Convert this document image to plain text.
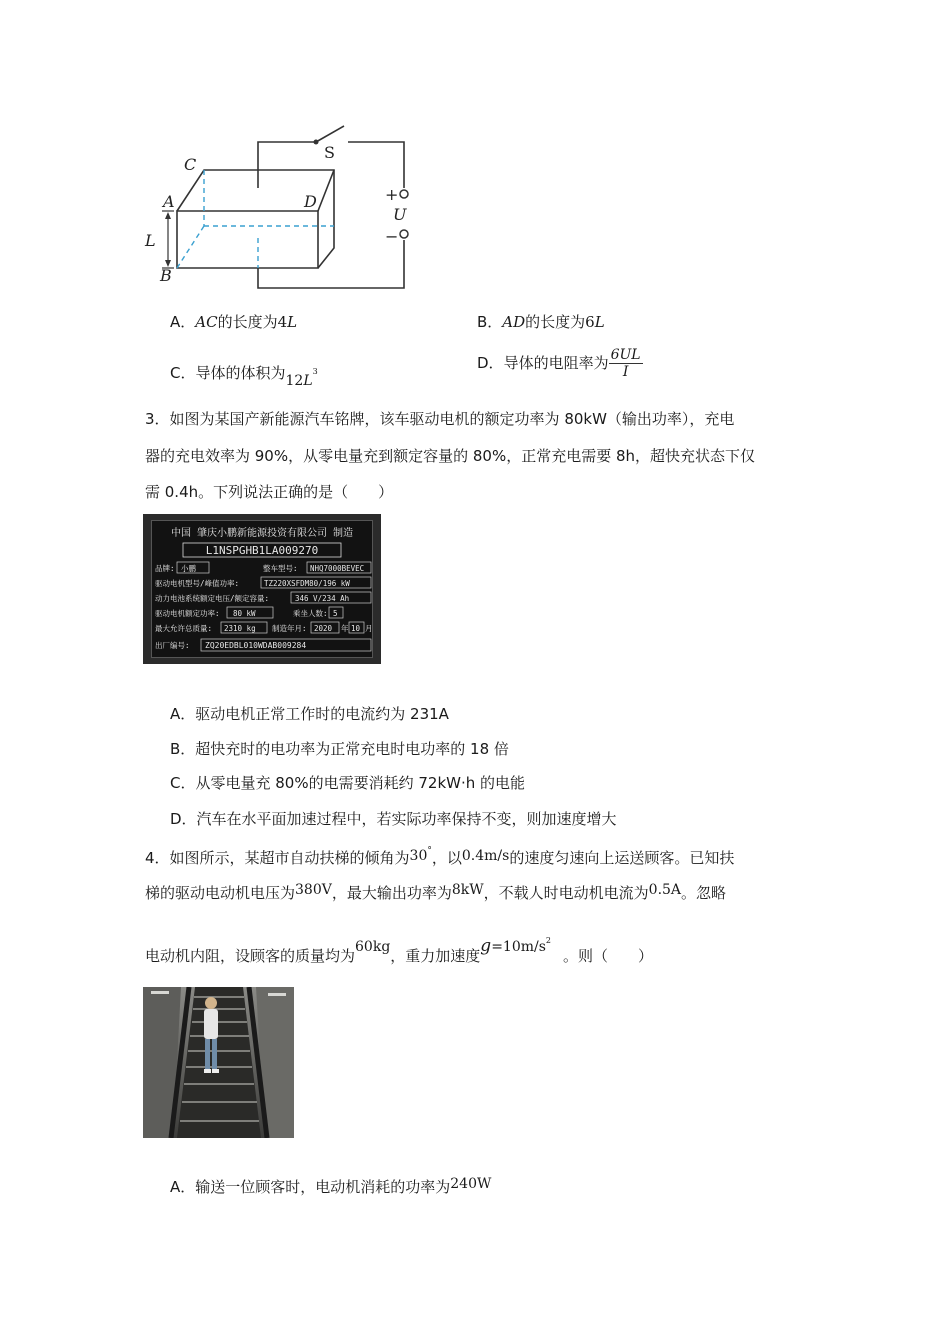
C
A	D
L
B
U
S
+
−
A．AC的长度为4L	B．AD的长度为6L
C．导体的体积为$12L^3$	D．导体的电阻率为 $\frac{6UL}{I}$
3．如图为某国产新能源汽车铭牌，该车驱动电机的额定功率为 80kW（输出功率），充电
器的充电效率为 90%，从零电量充到额定容量的 80%，正常充电需要 8h，超快充状态下仅
需 0.4h。下列说法正确的是（　　）
中国 肇庆小鹏新能源投资有限公司 制造
L1NSPGHB1LA009270
品牌: 小鹏	整车型号: NHQ7000BEVEC
驱动电机型号/峰值功率:	TZ220XSFDM80/196 kW
动力电池系统额定电压/额定容量:	346 V/234 Ah
驱动电机额定功率: 80 kW	乘坐人数: 5
最大允许总质量: 2310 kg 制造年月: 2020 年 10 月
出厂编号: ZQ20EDBL010WDAB009284
A．驱动电机正常工作时的电流约为 231A
B．超快充时的电功率为正常充电时电功率的 18 倍
C．从零电量充 80%的电需要消耗约 72kW·h 的电能
D．汽车在水平面加速过程中，若实际功率保持不变，则加速度增大
4．如图所示，某超市自动扶梯的倾角为30°，以0.4m/s的速度匀速向上运送顾客。已知扶
梯的驱动电动机电压为380V，最大输出功率为8kW，不载人时电动机电流为0.5A。忽略
电动机内阻，设顾客的质量均为60kg，重力加速度$g=10m/s^2$。则（　　）
A．输送一位顾客时，电动机消耗的功率为240W
